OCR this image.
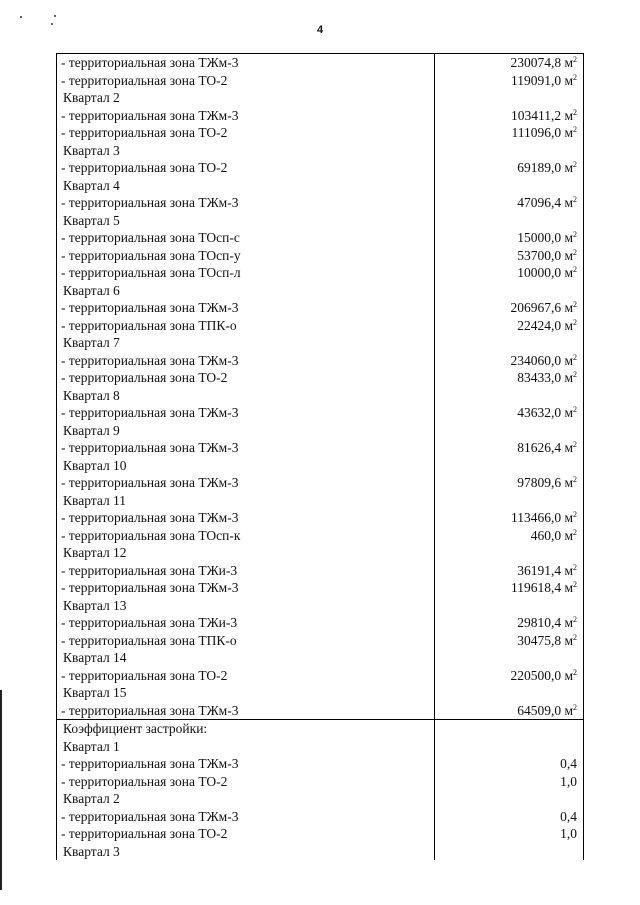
4
- территориальная зона ТЖм-3	230074,8 $м^2$
- территориальная зона ТО-2	119091,0 $м^2$
Квартал 2
- территориальная зона ТЖм-3	103411,2 $м^2$
- территориальная зона ТО-2	111096,0 $м^2$
Квартал 3
- территориальная зона ТО-2	69189,0 $м^2$
Квартал 4
- территориальная зона ТЖм-3	47096,4 $м^2$
Квартал 5
- территориальная зона ТОсп-с	15000,0 $м^2$
- территориальная зона ТОсп-у	53700,0 $м^2$
- территориальная зона ТОсп-л	10000,0 $м^2$
Квартал 6
- территориальная зона ТЖм-3	206967,6 $м^2$
- территориальная зона ТПК-о	22424,0 $м^2$
Квартал 7
- территориальная зона ТЖм-3	234060,0 $м^2$
- территориальная зона ТО-2	83433,0 $м^2$
Квартал 8
- территориальная зона ТЖм-3	43632,0 $м^2$
Квартал 9
- территориальная зона ТЖм-3	81626,4 $м^2$
Квартал 10
- территориальная зона ТЖм-3	97809,6 $м^2$
Квартал 11
- территориальная зона ТЖм-3	113466,0 $м^2$
- территориальная зона ТОсп-к	460,0 $м^2$
Квартал 12
- территориальная зона ТЖи-3	36191,4 $м^2$
- территориальная зона ТЖм-3	119618,4 $м^2$
Квартал 13
- территориальная зона ТЖи-3	29810,4 $м^2$
- территориальная зона ТПК-о	30475,8 $м^2$
Квартал 14
- территориальная зона ТО-2	220500,0 $м^2$
Квартал 15
- территориальная зона ТЖм-3	64509,0 $м^2$
Коэффициент застройки:
Квартал 1
- территориальная зона ТЖм-3	0,4
- территориальная зона ТО-2	1,0
Квартал 2
- территориальная зона ТЖм-3	0,4
- территориальная зона ТО-2	1,0
Квартал 3
